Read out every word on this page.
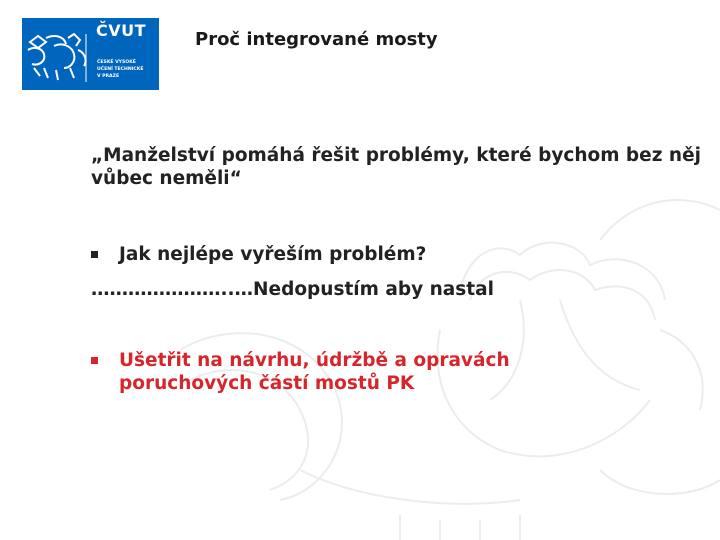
ČVUT
ČESKÉ VYSOKÉ
UČENÍ TECHNICKÉ
V PRAZE
Proč integrované mosty
„Manželství pomáhá řešit problémy, které bychom bez něj vůbec neměli“
Jak nejlépe vyřeším problém?
…………………..…Nedopustím aby nastal
Ušetřit na návrhu, údržbě a opravách poruchových částí mostů PK
